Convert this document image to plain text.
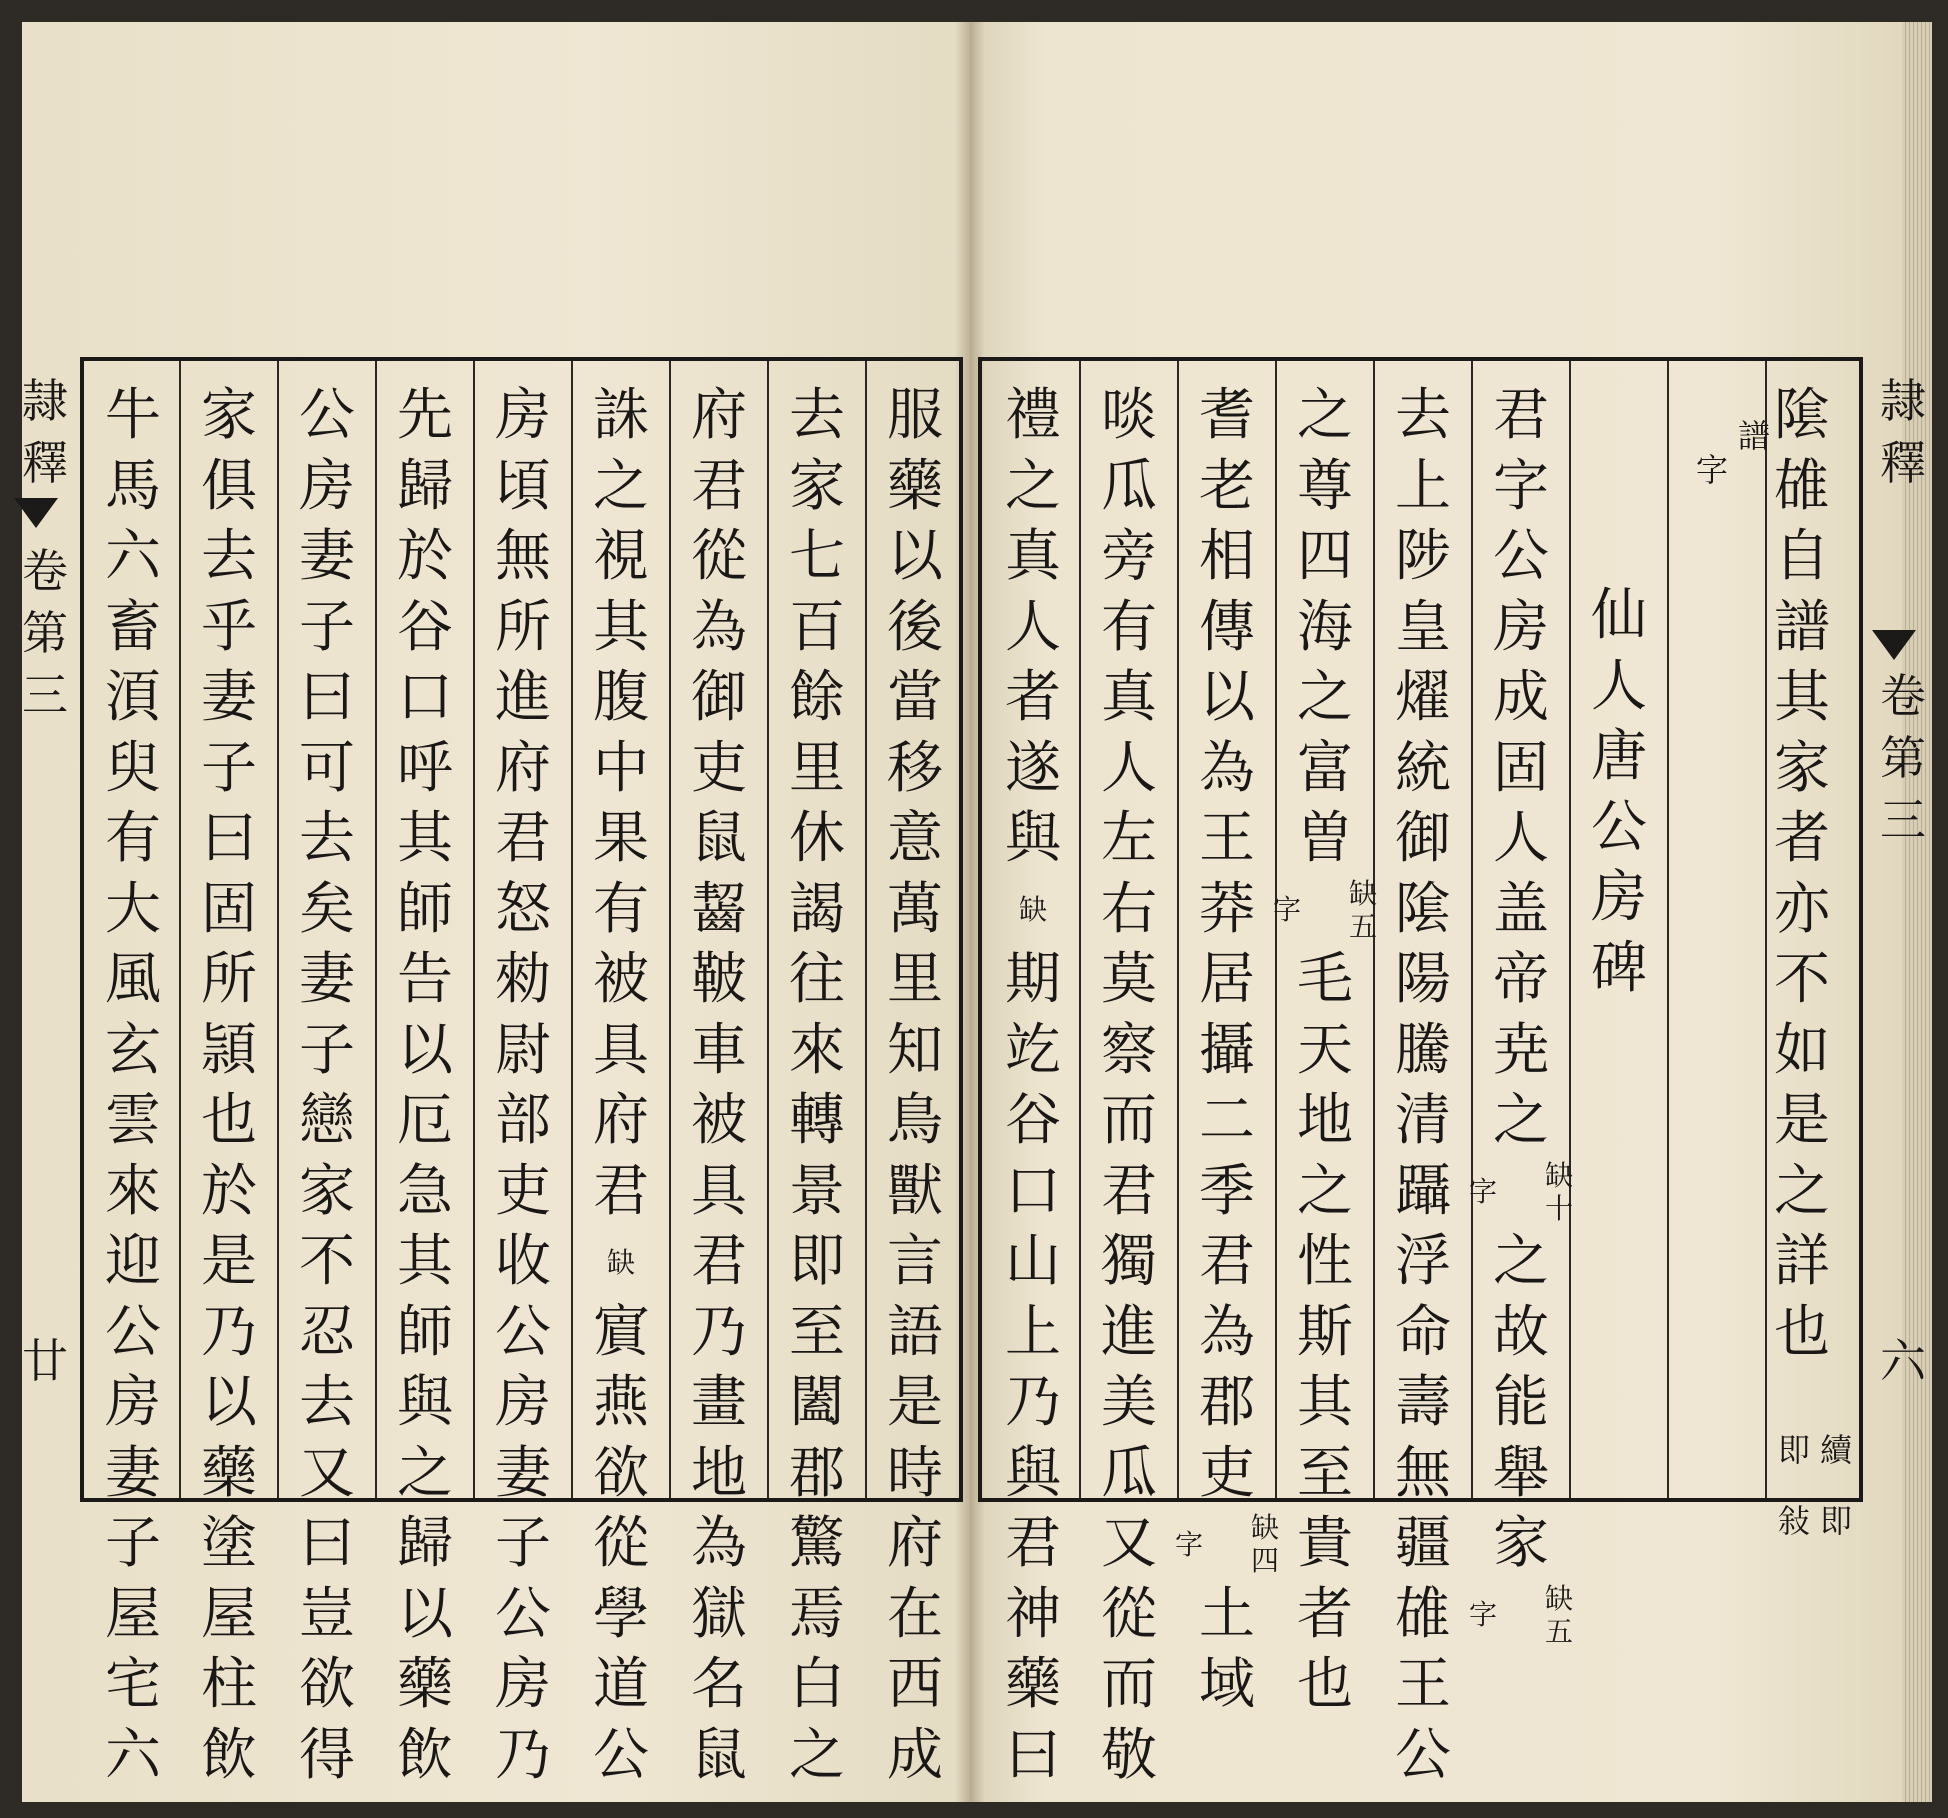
服
藥
以
後
當
移
意
萬
里
知
鳥
獸
言
語
是
時
府
在
西
成
去
家
七
百
餘
里
休
謁
往
來
轉
景
即
至
闔
郡
驚
焉
白
之
府
君
從
為
御
吏
鼠
齧
鞁
車
被
具
君
乃
畫
地
為
獄
名
鼠
誅
之
視
其
腹
中
果
有
被
具
府
君
缺
賔
燕
欲
從
學
道
公
房
頃
無
所
進
府
君
怒
勑
尉
部
吏
收
公
房
妻
子
公
房
乃
先
歸
於
谷
口
呼
其
師
告
以
厄
急
其
師
與
之
歸
以
藥
飲
公
房
妻
子
曰
可
去
矣
妻
子
戀
家
不
忍
去
又
曰
豈
欲
得
家
俱
去
乎
妻
子
曰
固
所
頴
也
於
是
乃
以
藥
塗
屋
柱
飲
牛
馬
六
畜
湏
臾
有
大
風
玄
雲
來
迎
公
房
妻
子
屋
宅
六
隷
釋
卷
第
三
廿
隂
䧺
自
譜
其
家
者
亦
不
如
是
之
詳
也
續
即
即
敍
譜
字
仙
人
唐
公
房
碑
君
字
公
房
成
固
人
盖
帝
尭
之
缺
十
字
之
故
能
舉
家
缺
五
字
去
上
陟
皇
燿
統
御
隂
陽
騰
清
躡
浮
命
壽
無
疆
䧺
王
公
之
尊
四
海
之
富
曽
缺
五
字
毛
天
地
之
性
斯
其
至
貴
者
也
耆
老
相
傳
以
為
王
莽
居
攝
二
季
君
為
郡
吏
缺
四
字
土
域
啖
瓜
旁
有
真
人
左
右
莫
察
而
君
獨
進
美
瓜
又
從
而
敬
禮
之
真
人
者
遂
與
缺
期
䇄
谷
口
山
上
乃
與
君
神
藥
曰
隷
釋
卷
第
三
六
